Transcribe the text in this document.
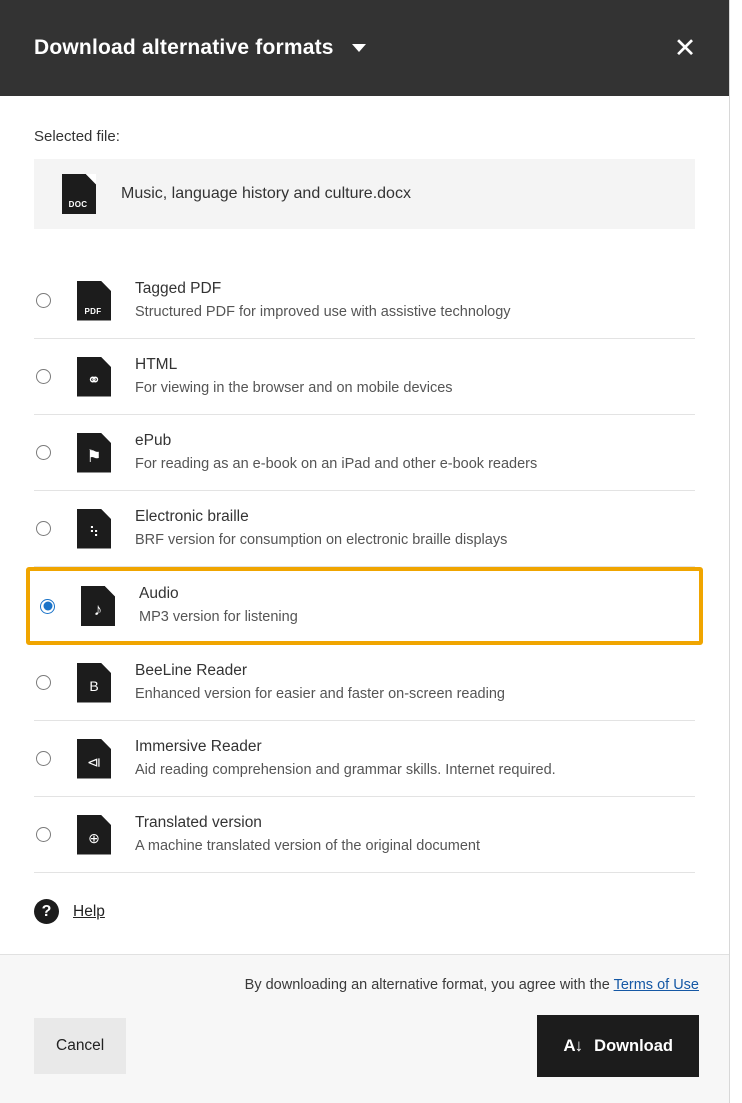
Download alternative formats	✕
Selected file:
DOC
Music, language history and culture.docx
PDF
Tagged PDF
Structured PDF for improved use with assistive technology
⚭
HTML
For viewing in the browser and on mobile devices
⚑
ePub
For reading as an e-book on an iPad and other e-book readers
⠳
Electronic braille
BRF version for consumption on electronic braille displays
♪
Audio
MP3 version for listening
B
BeeLine Reader
Enhanced version for easier and faster on-screen reading
⧏
Immersive Reader
Aid reading comprehension and grammar skills. Internet required.
⊕
Translated version
A machine translated version of the original document
?	Help
By downloading an alternative format, you agree with the Terms of Use
Cancel	A↓ Download
